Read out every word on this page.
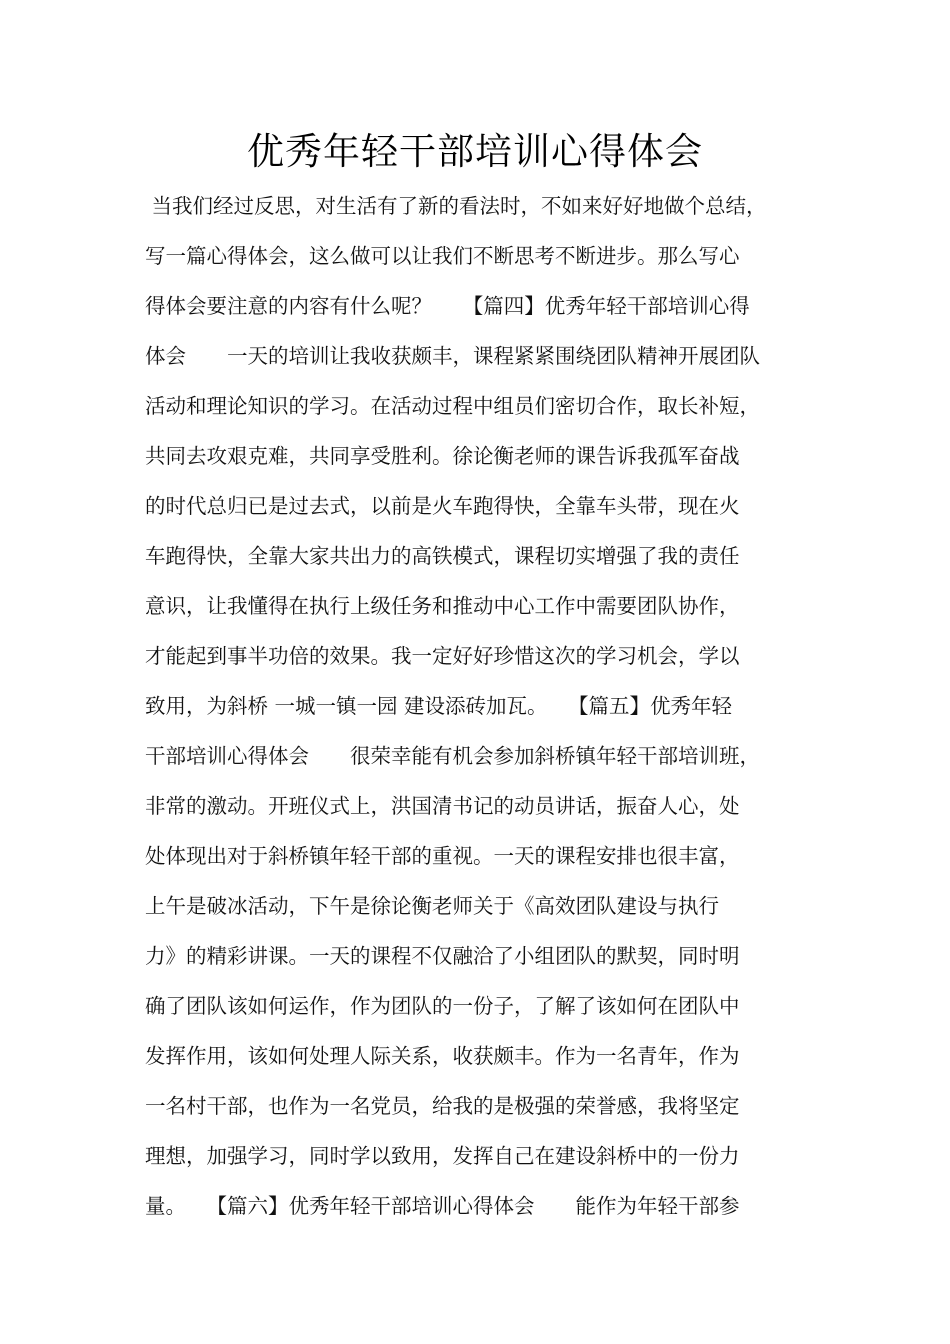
优秀年轻干部培训心得体会
当我们经过反思，对生活有了新的看法时，不如来好好地做个总结，
写一篇心得体会，这么做可以让我们不断思考不断进步。那么写心
得体会要注意的内容有什么呢？　　【篇四】优秀年轻干部培训心得
体会　　一天的培训让我收获颇丰，课程紧紧围绕团队精神开展团队
活动和理论知识的学习。在活动过程中组员们密切合作，取长补短，
共同去攻艰克难，共同享受胜利。徐论衡老师的课告诉我孤军奋战
的时代总归已是过去式，以前是火车跑得快，全靠车头带，现在火
车跑得快，全靠大家共出力的高铁模式，课程切实增强了我的责任
意识，让我懂得在执行上级任务和推动中心工作中需要团队协作，
才能起到事半功倍的效果。我一定好好珍惜这次的学习机会，学以
致用，为斜桥 一城一镇一园 建设添砖加瓦。　　【篇五】优秀年轻
干部培训心得体会　　很荣幸能有机会参加斜桥镇年轻干部培训班，
非常的激动。开班仪式上，洪国清书记的动员讲话，振奋人心，处
处体现出对于斜桥镇年轻干部的重视。一天的课程安排也很丰富，
上午是破冰活动，下午是徐论衡老师关于《高效团队建设与执行
力》的精彩讲课。一天的课程不仅融洽了小组团队的默契，同时明
确了团队该如何运作，作为团队的一份子，了解了该如何在团队中
发挥作用，该如何处理人际关系，收获颇丰。作为一名青年，作为
一名村干部，也作为一名党员，给我的是极强的荣誉感，我将坚定
理想，加强学习，同时学以致用，发挥自己在建设斜桥中的一份力
量。　　【篇六】优秀年轻干部培训心得体会　　能作为年轻干部参
